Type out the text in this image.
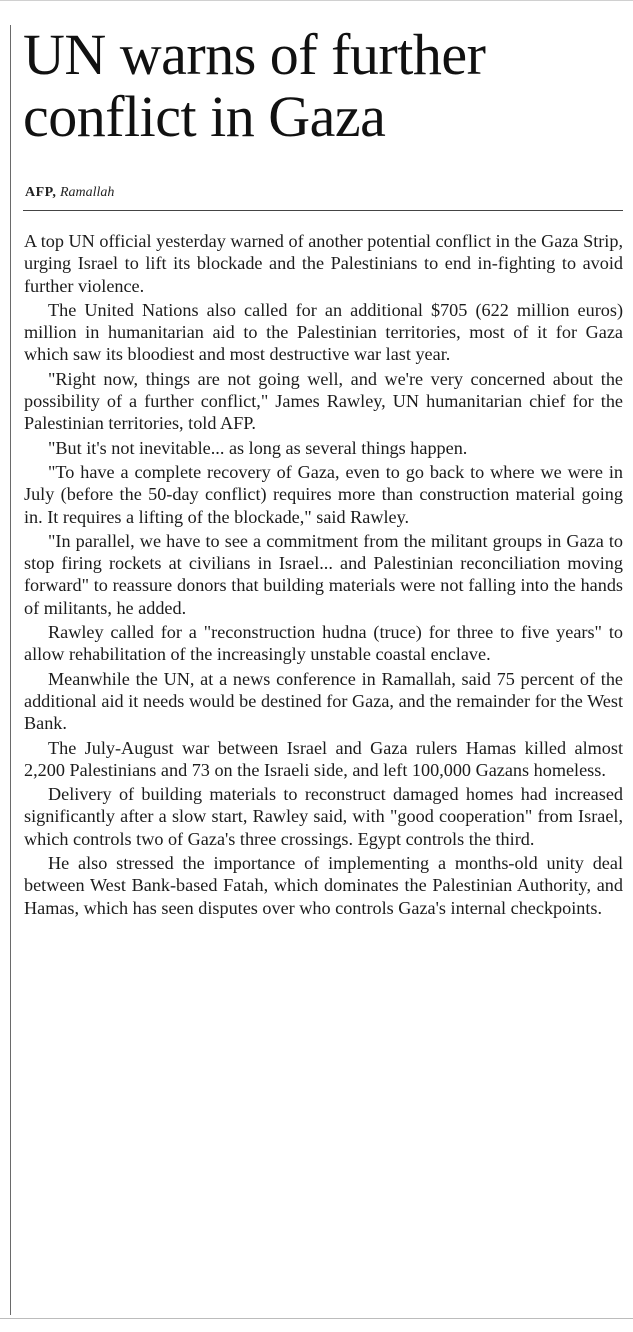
UN warns of further conflict in Gaza
AFP, Ramallah

A top UN official yesterday warned of another potential conflict in the Gaza Strip, urging Israel to lift its blockade and the Palestinians to end in-fighting to avoid further violence.

The United Nations also called for an additional $705 (622 million euros) million in humanitarian aid to the Palestinian territories, most of it for Gaza which saw its bloodiest and most destructive war last year.

"Right now, things are not going well, and we're very concerned about the possibility of a further conflict," James Rawley, UN humanitarian chief for the Palestinian territories, told AFP.

"But it's not inevitable... as long as several things happen.

"To have a complete recovery of Gaza, even to go back to where we were in July (before the 50-day conflict) requires more than construction material going in. It requires a lifting of the blockade," said Rawley.

"In parallel, we have to see a commitment from the militant groups in Gaza to stop firing rockets at civilians in Israel... and Palestinian reconciliation moving forward" to reassure donors that building materials were not falling into the hands of militants, he added.

Rawley called for a "reconstruction hudna (truce) for three to five years" to allow rehabilitation of the increasingly unstable coastal enclave.

Meanwhile the UN, at a news conference in Ramallah, said 75 percent of the additional aid it needs would be destined for Gaza, and the remainder for the West Bank.

The July-August war between Israel and Gaza rulers Hamas killed almost 2,200 Palestinians and 73 on the Israeli side, and left 100,000 Gazans homeless.

Delivery of building materials to reconstruct damaged homes had increased significantly after a slow start, Rawley said, with "good cooperation" from Israel, which controls two of Gaza's three crossings. Egypt controls the third.

He also stressed the importance of implementing a months-old unity deal between West Bank-based Fatah, which dominates the Palestinian Authority, and Hamas, which has seen disputes over who controls Gaza's internal checkpoints.
